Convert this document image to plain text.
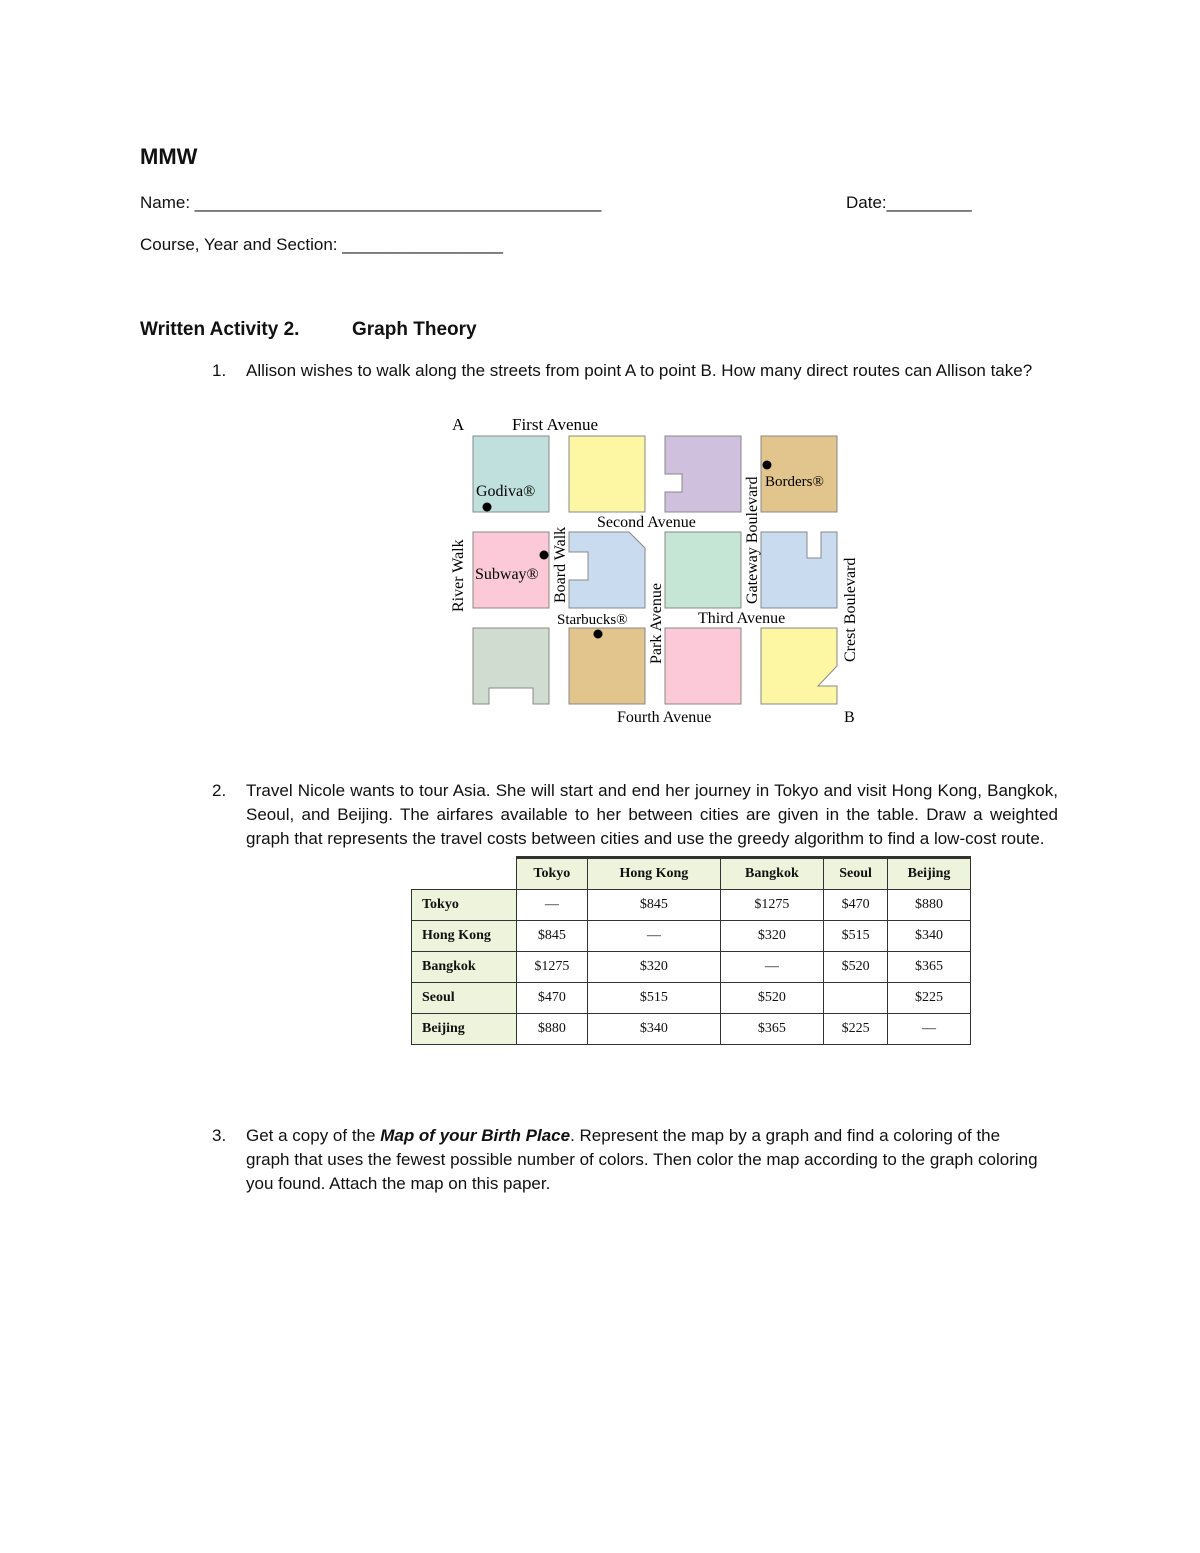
MMW
Name: ___________________________________________	Date:_________
Course, Year and Section: _________________
Written Activity 2.	Graph Theory
1. Allison wishes to walk along the streets from point A to point B. How many direct routes can Allison take?
A
B
First Avenue
Second Avenue
Third Avenue
Fourth Avenue
River Walk	Board Walk
Park Avenue
Gateway Boulevard
Crest Boulevard
Godiva®
Borders®
Subway®
Starbucks®
2. Travel Nicole wants to tour Asia. She will start and end her journey in Tokyo and visit Hong Kong, Bangkok, Seoul, and Beijing. The airfares available to her between cities are given in the table. Draw a weighted graph that represents the travel costs between cities and use the greedy algorithm to find a low-cost route.
	Tokyo	Hong Kong	Bangkok	Seoul	Beijing
Tokyo	—	$845	$1275	$470	$880
Hong Kong	$845	—	$320	$515	$340
Bangkok	$1275	$320	—	$520	$365
Seoul	$470	$515	$520		$225
Beijing	$880	$340	$365	$225	—
3. Get a copy of the Map of your Birth Place. Represent the map by a graph and find a coloring of the graph that uses the fewest possible number of colors. Then color the map according to the graph coloring you found. Attach the map on this paper.
